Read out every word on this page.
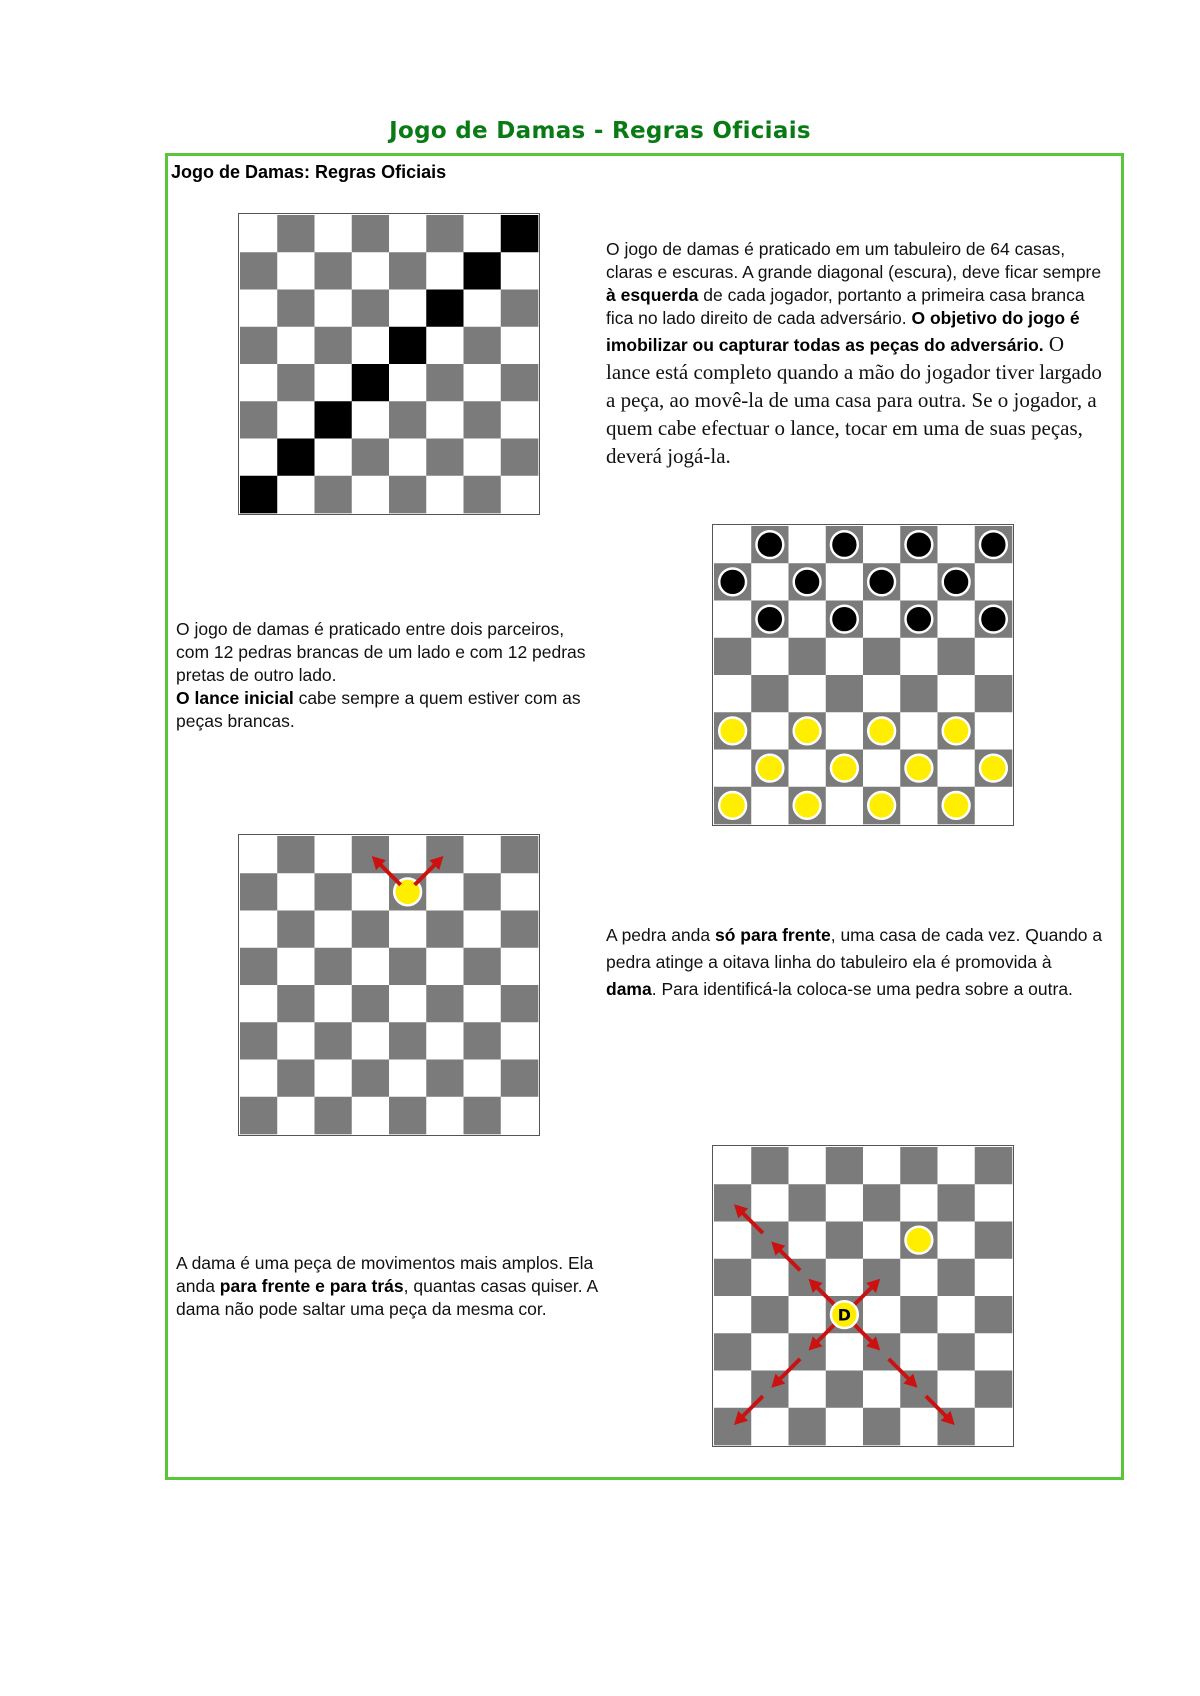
Jogo de Damas - Regras Oficiais
Jogo de Damas: Regras Oficiais
O jogo de damas é praticado em um tabuleiro de 64 casas, claras e escuras. A grande diagonal (escura), deve ficar sempre à esquerda de cada jogador, portanto a primeira casa branca fica no lado direito de cada adversário. O objetivo do jogo é imobilizar ou capturar todas as peças do adversário. O lance está completo quando a mão do jogador tiver largado a peça, ao movê-la de uma casa para outra. Se o jogador, a quem cabe efectuar o lance, tocar em uma de suas peças, deverá jogá-la.
O jogo de damas é praticado entre dois parceiros, com 12 pedras brancas de um lado e com 12 pedras pretas de outro lado.
O lance inicial cabe sempre a quem estiver com as peças brancas.
A pedra anda só para frente, uma casa de cada vez. Quando a pedra atinge a oitava linha do tabuleiro ela é promovida à dama. Para identificá-la coloca-se uma pedra sobre a outra.
A dama é uma peça de movimentos mais amplos. Ela anda para frente e para trás, quantas casas quiser. A dama não pode saltar uma peça da mesma cor.	D
